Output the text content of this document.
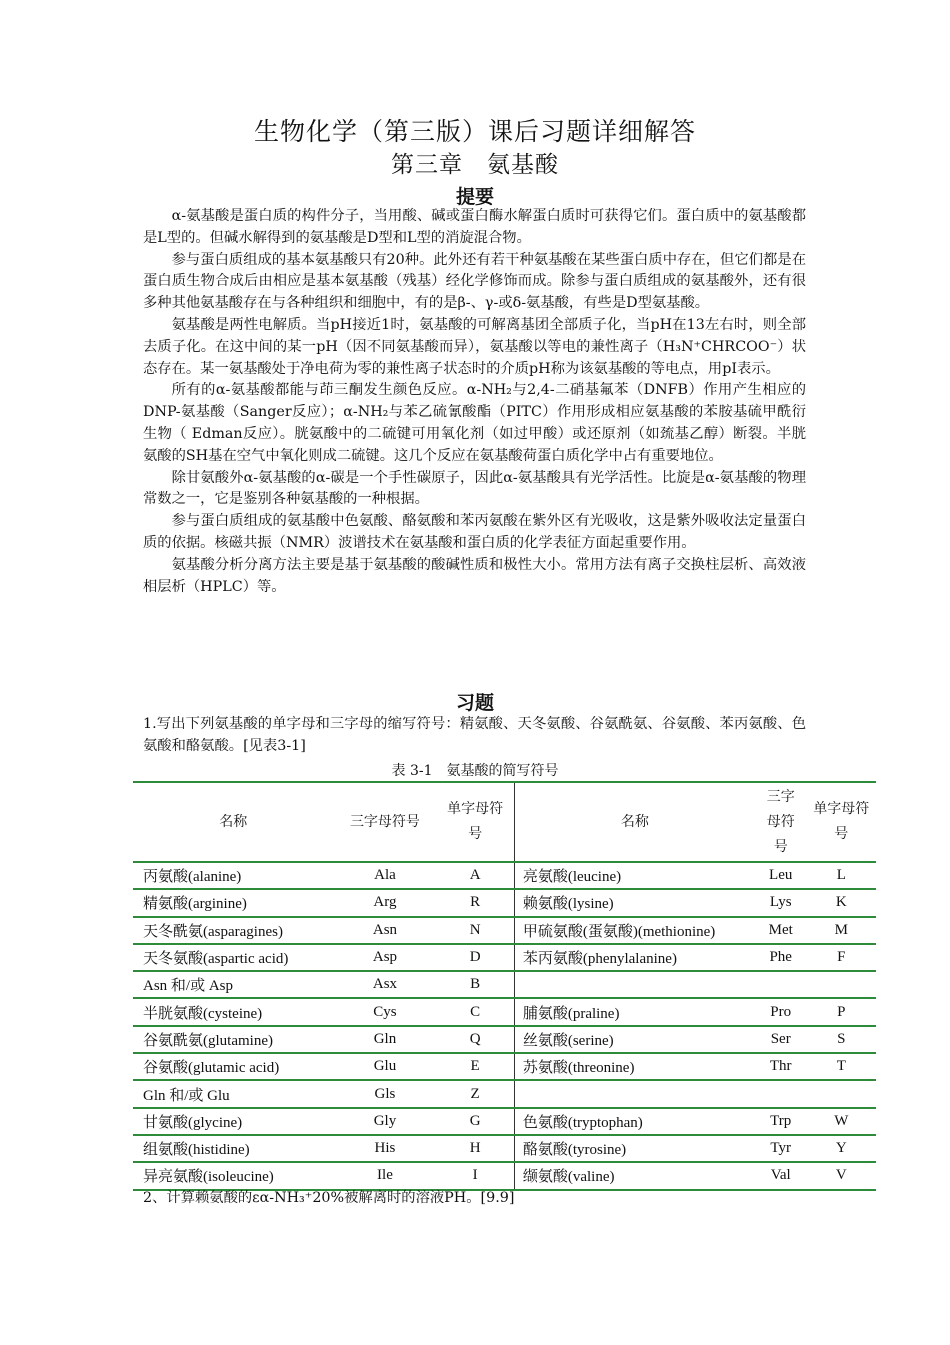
生物化学（第三版）课后习题详细解答
第三章　氨基酸
提要

α-氨基酸是蛋白质的构件分子，当用酸、碱或蛋白酶水解蛋白质时可获得它们。蛋白质中的氨基酸都是L型的。但碱水解得到的氨基酸是D型和L型的消旋混合物。

参与蛋白质组成的基本氨基酸只有20种。此外还有若干种氨基酸在某些蛋白质中存在，但它们都是在蛋白质生物合成后由相应是基本氨基酸（残基）经化学修饰而成。除参与蛋白质组成的氨基酸外，还有很多种其他氨基酸存在与各种组织和细胞中，有的是β-、γ-或δ-氨基酸，有些是D型氨基酸。

氨基酸是两性电解质。当pH接近1时，氨基酸的可解离基团全部质子化，当pH在13左右时，则全部去质子化。在这中间的某一pH（因不同氨基酸而异），氨基酸以等电的兼性离子（H₃N⁺CHRCOO⁻）状态存在。某一氨基酸处于净电荷为零的兼性离子状态时的介质pH称为该氨基酸的等电点，用pI表示。

所有的α-氨基酸都能与茚三酮发生颜色反应。α-NH₂与2,4-二硝基氟苯（DNFB）作用产生相应的DNP-氨基酸（Sanger反应）；α-NH₂与苯乙硫氰酸酯（PITC）作用形成相应氨基酸的苯胺基硫甲酰衍生物（ Edman反应）。胱氨酸中的二硫键可用氧化剂（如过甲酸）或还原剂（如巯基乙醇）断裂。半胱氨酸的SH基在空气中氧化则成二硫键。这几个反应在氨基酸荷蛋白质化学中占有重要地位。

除甘氨酸外α-氨基酸的α-碳是一个手性碳原子，因此α-氨基酸具有光学活性。比旋是α-氨基酸的物理常数之一，它是鉴别各种氨基酸的一种根据。

参与蛋白质组成的氨基酸中色氨酸、酪氨酸和苯丙氨酸在紫外区有光吸收，这是紫外吸收法定量蛋白质的依据。核磁共振（NMR）波谱技术在氨基酸和蛋白质的化学表征方面起重要作用。

氨基酸分析分离方法主要是基于氨基酸的酸碱性质和极性大小。常用方法有离子交换柱层析、高效液相层析（HPLC）等。

习题
1.写出下列氨基酸的单字母和三字母的缩写符号：精氨酸、天冬氨酸、谷氨酰氨、谷氨酸、苯丙氨酸、色氨酸和酪氨酸。[见表3-1]
表 3-1　氨基酸的简写符号
名称	三字母符号	单字母符号	名称	三字母符号	单字母符号
丙氨酸(alanine)	Ala	A	亮氨酸(leucine)	Leu	L
精氨酸(arginine)	Arg	R	赖氨酸(lysine)	Lys	K
天冬酰氨(asparagines)	Asn	N	甲硫氨酸(蛋氨酸)(methionine)	Met	M
天冬氨酸(aspartic acid)	Asp	D	苯丙氨酸(phenylalanine)	Phe	F
Asn 和/或 Asp	Asx	B			
半胱氨酸(cysteine)	Cys	C	脯氨酸(praline)	Pro	P
谷氨酰氨(glutamine)	Gln	Q	丝氨酸(serine)	Ser	S
谷氨酸(glutamic acid)	Glu	E	苏氨酸(threonine)	Thr	T
Gln 和/或 Glu	Gls	Z			
甘氨酸(glycine)	Gly	G	色氨酸(tryptophan)	Trp	W
组氨酸(histidine)	His	H	酪氨酸(tyrosine)	Tyr	Y
异亮氨酸(isoleucine)	Ile	I	缬氨酸(valine)	Val	V
2、计算赖氨酸的εα-NH₃⁺20%被解离时的溶液PH。[9.9]
